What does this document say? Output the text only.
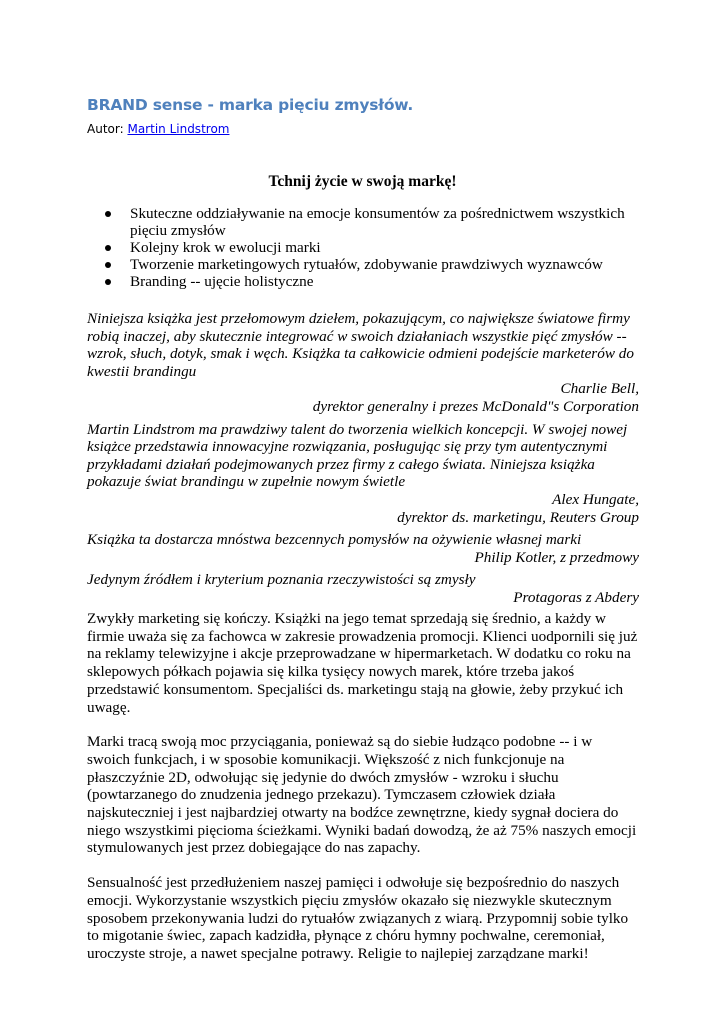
BRAND sense - marka pięciu zmysłów.
Autor: Martin Lindstrom
Tchnij życie w swoją markę!
Skuteczne oddziaływanie na emocje konsumentów za pośrednictwem wszystkich pięciu zmysłów
Kolejny krok w ewolucji marki
Tworzenie marketingowych rytuałów, zdobywanie prawdziwych wyznawców
Branding -- ujęcie holistyczne

Niniejsza książka jest przełomowym dziełem, pokazującym, co największe światowe firmy robią inaczej, aby skutecznie integrować w swoich działaniach wszystkie pięć zmysłów -- wzrok, słuch, dotyk, smak i węch. Książka ta całkowicie odmieni podejście marketerów do kwestii brandingu

Charlie Bell,

dyrektor generalny i prezes McDonald"s Corporation

Martin Lindstrom ma prawdziwy talent do tworzenia wielkich koncepcji. W swojej nowej książce przedstawia innowacyjne rozwiązania, posługując się przy tym autentycznymi przykładami działań podejmowanych przez firmy z całego świata. Niniejsza książka pokazuje świat brandingu w zupełnie nowym świetle

Alex Hungate,

dyrektor ds. marketingu, Reuters Group

Książka ta dostarcza mnóstwa bezcennych pomysłów na ożywienie własnej marki

Philip Kotler, z przedmowy

Jedynym źródłem i kryterium poznania rzeczywistości są zmysły

Protagoras z Abdery

Zwykły marketing się kończy. Książki na jego temat sprzedają się średnio, a każdy w firmie uważa się za fachowca w zakresie prowadzenia promocji. Klienci uodpornili się już na reklamy telewizyjne i akcje przeprowadzane w hipermarketach. W dodatku co roku na sklepowych półkach pojawia się kilka tysięcy nowych marek, które trzeba jakoś przedstawić konsumentom. Specjaliści ds. marketingu stają na głowie, żeby przykuć ich uwagę.

Marki tracą swoją moc przyciągania, ponieważ są do siebie łudząco podobne -- i w swoich funkcjach, i w sposobie komunikacji. Większość z nich funkcjonuje na płaszczyźnie 2D, odwołując się jedynie do dwóch zmysłów - wzroku i słuchu (powtarzanego do znudzenia jednego przekazu). Tymczasem człowiek działa najskuteczniej i jest najbardziej otwarty na bodźce zewnętrzne, kiedy sygnał dociera do niego wszystkimi pięcioma ścieżkami. Wyniki badań dowodzą, że aż 75% naszych emocji stymulowanych jest przez dobiegające do nas zapachy.

Sensualność jest przedłużeniem naszej pamięci i odwołuje się bezpośrednio do naszych emocji. Wykorzystanie wszystkich pięciu zmysłów okazało się niezwykle skutecznym sposobem przekonywania ludzi do rytuałów związanych z wiarą. Przypomnij sobie tylko to migotanie świec, zapach kadzidła, płynące z chóru hymny pochwalne, ceremoniał, uroczyste stroje, a nawet specjalne potrawy. Religie to najlepiej zarządzane marki!
